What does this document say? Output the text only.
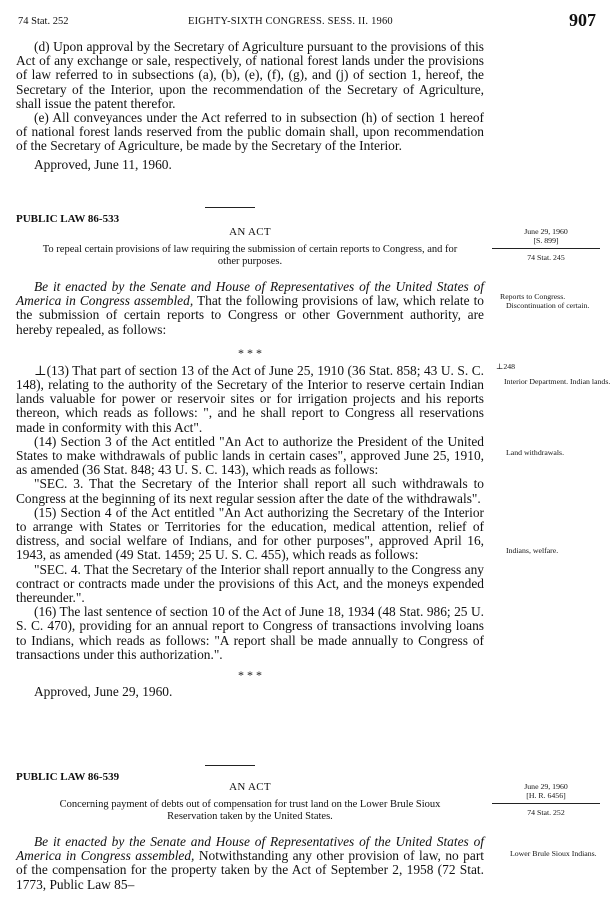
74 Stat. 252	EIGHTY-SIXTH CONGRESS. SESS. II. 1960	907

(d) Upon approval by the Secretary of Agriculture pursuant to the provisions of this Act of any exchange or sale, respectively, of national forest lands under the provisions of law referred to in subsections (a), (b), (e), (f), (g), and (j) of section 1, hereof, the Secretary of the Interior, upon the recommendation of the Secretary of Agriculture, shall issue the patent therefor.

(e) All conveyances under the Act referred to in subsection (h) of section 1 hereof of national forest lands reserved from the public domain shall, upon recommendation of the Secretary of Agriculture, be made by the Secretary of the Interior.

Approved, June 11, 1960.

PUBLIC LAW 86-533
AN ACT

To repeal certain provisions of law requiring the submission of certain reports to Congress, and for other purposes.

Be it enacted by the Senate and House of Representatives of the United States of America in Congress assembled, That the following provisions of law, which relate to the submission of certain reports to Congress or other Government authority, are hereby repealed, as follows:

* * *

⊥(13) That part of section 13 of the Act of June 25, 1910 (36 Stat. 858; 43 U. S. C. 148), relating to the authority of the Secretary of the Interior to reserve certain Indian lands valuable for power or reservoir sites or for irrigation projects and his reports thereon, which reads as follows: ", and he shall report to Congress all reservations made in conformity with this Act".

(14) Section 3 of the Act entitled "An Act to authorize the President of the United States to make withdrawals of public lands in certain cases", approved June 25, 1910, as amended (36 Stat. 848; 43 U. S. C. 143), which reads as follows:

"SEC. 3. That the Secretary of the Interior shall report all such withdrawals to Congress at the beginning of its next regular session after the date of the withdrawals".

(15) Section 4 of the Act entitled "An Act authorizing the Secretary of the Interior to arrange with States or Territories for the education, medical attention, relief of distress, and social welfare of Indians, and for other purposes", approved April 16, 1943, as amended (49 Stat. 1459; 25 U. S. C. 455), which reads as follows:

"SEC. 4. That the Secretary of the Interior shall report annually to the Congress any contract or contracts made under the provisions of this Act, and the moneys expended thereunder.".

(16) The last sentence of section 10 of the Act of June 18, 1934 (48 Stat. 986; 25 U. S. C. 470), providing for an annual report to Congress of transactions involving loans to Indians, which reads as follows: "A report shall be made annually to Congress of transactions under this authorization.".

* * *

Approved, June 29, 1960.

PUBLIC LAW 86-539
AN ACT

Concerning payment of debts out of compensation for trust land on the Lower Brule Sioux Reservation taken by the United States.

Be it enacted by the Senate and House of Representatives of the United States of America in Congress assembled, Notwithstanding any other provision of law, no part of the compensation for the property taken by the Act of September 2, 1958 (72 Stat. 1773, Public Law 85–

June 29, 1960
[S. 899]
74 Stat. 245
Reports to Congress. Discontinuation of certain.
⊥248
Interior Department. Indian lands.
Land withdrawals.
Indians, welfare.
June 29, 1960
[H. R. 6456]
74 Stat. 252
Lower Brule Sioux Indians.
